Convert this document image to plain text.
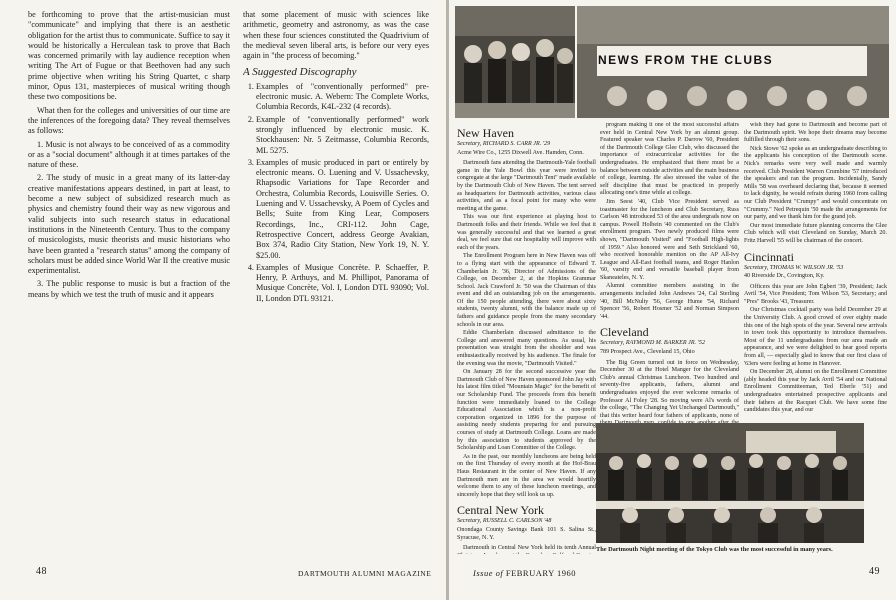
be forthcoming to prove that the artist-musician must "communicate" and implying that there is an aesthetic obligation for the artist thus to communicate. Suffice to say it would be historically a Herculean task to prove that Bach was concerned primarily with lay audience reception when writing The Art of Fugue or that Beethoven had any such prime objective when writing his String Quartet, c sharp minor, Opus 131, masterpieces of musical writing though these two compositions be.

What then for the colleges and universities of our time are the inferences of the foregoing data? They reveal themselves as follows:

1. Music is not always to be conceived of as a commodity or as a "social document" although it at times partakes of the nature of these.

2. The study of music in a great many of its latter-day creative manifestations appears destined, in part at least, to become a new subject of subsidized research much as physics and chemistry found their way as new vigorous and valid subjects into such research status in educational institutions in the Nineteenth Century. Thus to the company of musicologists, music theorists and music historians who have been granted a "research status" among the company of scholars must be added since World War II the creative music experimentalist.

3. The public response to music is but a fraction of the means by which we test the truth of music and it appears

that some placement of music with sciences like arithmetic, geometry and astronomy, as was the case when these four sciences constituted the Quadrivium of the medieval seven liberal arts, is before our very eyes again in "the process of becoming."

A Suggested Discography
1. Examples of "conventionally performed" pre-electronic music. A. Webern: The Complete Works, Columbia Records, K4L-232 (4 records).
2. Example of "conventionally performed" work strongly influenced by electronic music. K. Stockhausen: Nr. 5 Zeitmasse, Columbia Records, ML 5275.
3. Examples of music produced in part or entirely by electronic means. O. Luening and V. Ussachevsky, Rhapsodic Variations for Tape Recorder and Orchestra, Columbia Records, Louisville Series. O. Luening and V. Ussachevsky, A Poem of Cycles and Bells; Suite from King Lear, Composers Recordings, Inc., CRI-112. John Cage, Retrospective Concert, address George Avakian, Box 374, Radio City Station, New York 19, N. Y. $25.00.
4. Examples of Musique Concrète. P. Schaeffer, P. Henry, P. Arthuys, and M. Phillipot, Panorama of Musique Concrète, Vol. I, London DTL 93090; Vol. II, London DTL 93121.
48	DARTMOUTH ALUMNI MAGAZINE
New Haven

Secretary, RICHARD S. CARR JR. '29

Acme Wire Co., 1255 Dixwell Ave. Hamden, Conn.

Dartmouth fans attending the Dartmouth-Yale football game in the Yale Bowl this year were invited to congregate at the large "Dartmouth Tent" made available by the Dartmouth Club of New Haven. The tent served as headquarters for Dartmouth activities, various class activities, and as a focal point for many who were meeting at the game.

This was our first experience at playing host to Dartmouth folks and their friends. While we feel that it was generally successful and that we learned a great deal, we feel sure that our hospitality will improve with each of the years.

The Enrollment Program here in New Haven was off to a flying start with the appearance of Edward T. Chamberlain Jr. '36, Director of Admissions of the College, on December 2, at the Hopkins Grammar School. Jack Crawford Jr. '50 was the Chairman of this event and did an outstanding job on the arrangements. Of the 150 people attending, there were about sixty students, twenty alumni, with the balance made up of fathers and guidance people from the many secondary schools in our area.

Eddie Chamberlain discussed admittance to the College and answered many questions. As usual, his presentation was straight from the shoulder and was enthusiastically received by his audience. The finale for the evening was the movie, "Dartmouth Visited."

On January 28 for the second successive year the Dartmouth Club of New Haven sponsored John Jay with his latest film titled "Mountain Magic" for the benefit of our Scholarship Fund. The proceeds from this benefit function were immediately loaned to the College Educational Association which is a non-profit corporation organized in 1896 for the purpose of assisting needy students preparing for and pursuing courses of study at Dartmouth College. Loans are made by this association to students approved by the Scholarship and Loan Committee of the College.

As in the past, our monthly luncheons are being held on the first Thursday of every month at the Hof-Brau Haus Restaurant in the center of New Haven. If any Dartmouth men are in the area we would heartily welcome them to any of these luncheon meetings, and sincerely hope that they will look us up.

Central New York

Secretary, RUSSELL C. CARLSON '48

Onondaga County Savings Bank 101 S. Salina St., Syracuse, N. Y.

Dartmouth in Central New York held its tenth Annual

program making it one of the most successful affairs ever held in Central New York by an alumni group. Featured speaker was Charles P. Darrow '60, President of the Dartmouth College Glee Club, who discussed the importance of extracurricular activities for the undergraduates. He emphasized that there must be a balance between outside activities and the main business of college, learning. He also stressed the value of the self discipline that must be practiced in properly allocating one's time while at college.

Jim Seest '40, Club Vice President served as toastmaster for the luncheon and Club Secretary, Russ Carlson '48 introduced 53 of the area undergrads now on campus. Powell Holbein '40 commented on the Club's enrollment program. Two newly produced films were shown, "Dartmouth Visited" and "Football High-lights of 1959." Also honored were and Seth Strickland '60, who received honorable mention on the AP All-Ivy League and All-East football teams, and Roger Hanlon '60, varsity end and versatile baseball player from Skaneateles, N. Y.

Alumni committee members assisting in the arrangements included John Andrews '24, Cal Sterling '40, Bill McNulty '56, George Hume '54, Richard Spencer '56, Robert Hosmer '52 and Norman Simpson '44.

Cleveland

Secretary, RAYMOND M. BARKER JR. '52

789 Prospect Ave., Cleveland 15, Ohio

The Big Green turned out in force on Wednesday, December 30 at the Hotel Manger for the Cleveland Club's annual Christmas Luncheon. Two hundred and seventy-five applicants, fathers, alumni and undergraduates enjoyed the ever welcome remarks of Professor Al Foley '28. So moving were Al's words of the college, "The Changing Yet Unchanged Dartmouth," that this writer heard four fathers of applicants, none of

wish they had gone to Dartmouth and become part of the Dartmouth spirit. We hope their dreams may become fulfilled through their sons.

Nick Stowe '62 spoke as an undergraduate describing to the applicants his conception of the Dartmouth scene. Nick's remarks were very well made and warmly received. Club President Warren Crumbine '57 introduced the speakers and ran the program. Incidentally, Sandy Mills '58 was overheard declaring that, because it seemed to lack dignity, he would refrain during 1960 from calling our Club President "Crumpy" and would concentrate on "Crummy." Ned Petrequin '50 made the arrangements for our party, and we thank him for the grand job.

Our most immediate future planning concerns the Glee Club which will visit Cleveland on Sunday, March 20. Fritz Harvell '55 will be chairman of the concert.

Cincinnati

Secretary, THOMAS W. WILSON JR. '53

40 Riverside Dr., Covington, Ky.

Officers this year are John Egbert '39, President; Jack Avril '54, Vice President; Tom Wilson '53, Secretary; and "Pres" Brooks '43, Treasurer.

Our Christmas cocktail party was held December 29 at the University Club. A good crowd of over eighty made this one of the high spots of the year. Several new arrivals in town took this opportunity to introduce themselves. Most of the 11 undergraduates from our area made an appearance, and we were delighted to hear good reports from all, — especially glad to know that our first class of '63ers were feeling at home in Hanover.

On December 28, alumni on the Enrollment Committee (ably headed this year by Jack Avril '54 and our National Enrollment Committeeman, Ted Eberle '51) and undergraduates entertained prospective applicants and their fathers at the Racquet Club. We have some fine candidates this year, and our

The Dartmouth Night meeting of the Tokyo Club was the most successful in many years.
Issue of FEBRUARY 1960	49
NEWS FROM THE CLUBS
